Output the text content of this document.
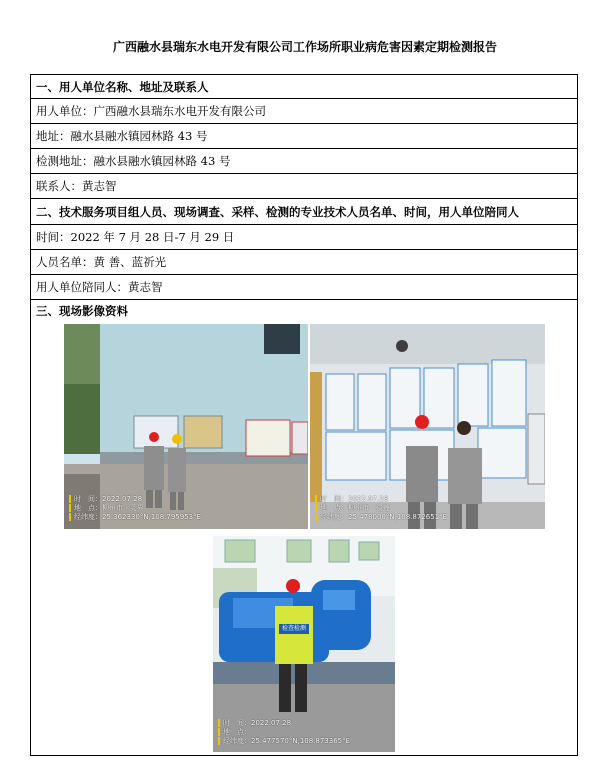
广西融水县瑞东水电开发有限公司工作场所职业病危害因素定期检测报告
一、用人单位名称、地址及联系人
用人单位：广西融水县瑞东水电开发有限公司
地址：融水县融水镇园林路 43 号
检测地址：融水县融水镇园林路 43 号
联系人：黄志智
二、技术服务项目组人员、现场调查、采样、检测的专业技术人员名单、时间，用人单位陪同人
时间：2022 年 7 月 28 日-7 月 29 日
人员名单：黄 善、蓝祈光
用人单位陪同人：黄志智
三、现场影像资料
时　间：2022.07.28
地　点：柳州市 · 灵界
经纬度：25.362330°N,108.795953°E
时　间：2022.07.28
地　点：柳州市 · 往莲
经纬度：25.478000°N,108.872651°E
检查检测
时　间：2022.07.28
地　点：
经纬度：25.477570°N,108.873365°E
